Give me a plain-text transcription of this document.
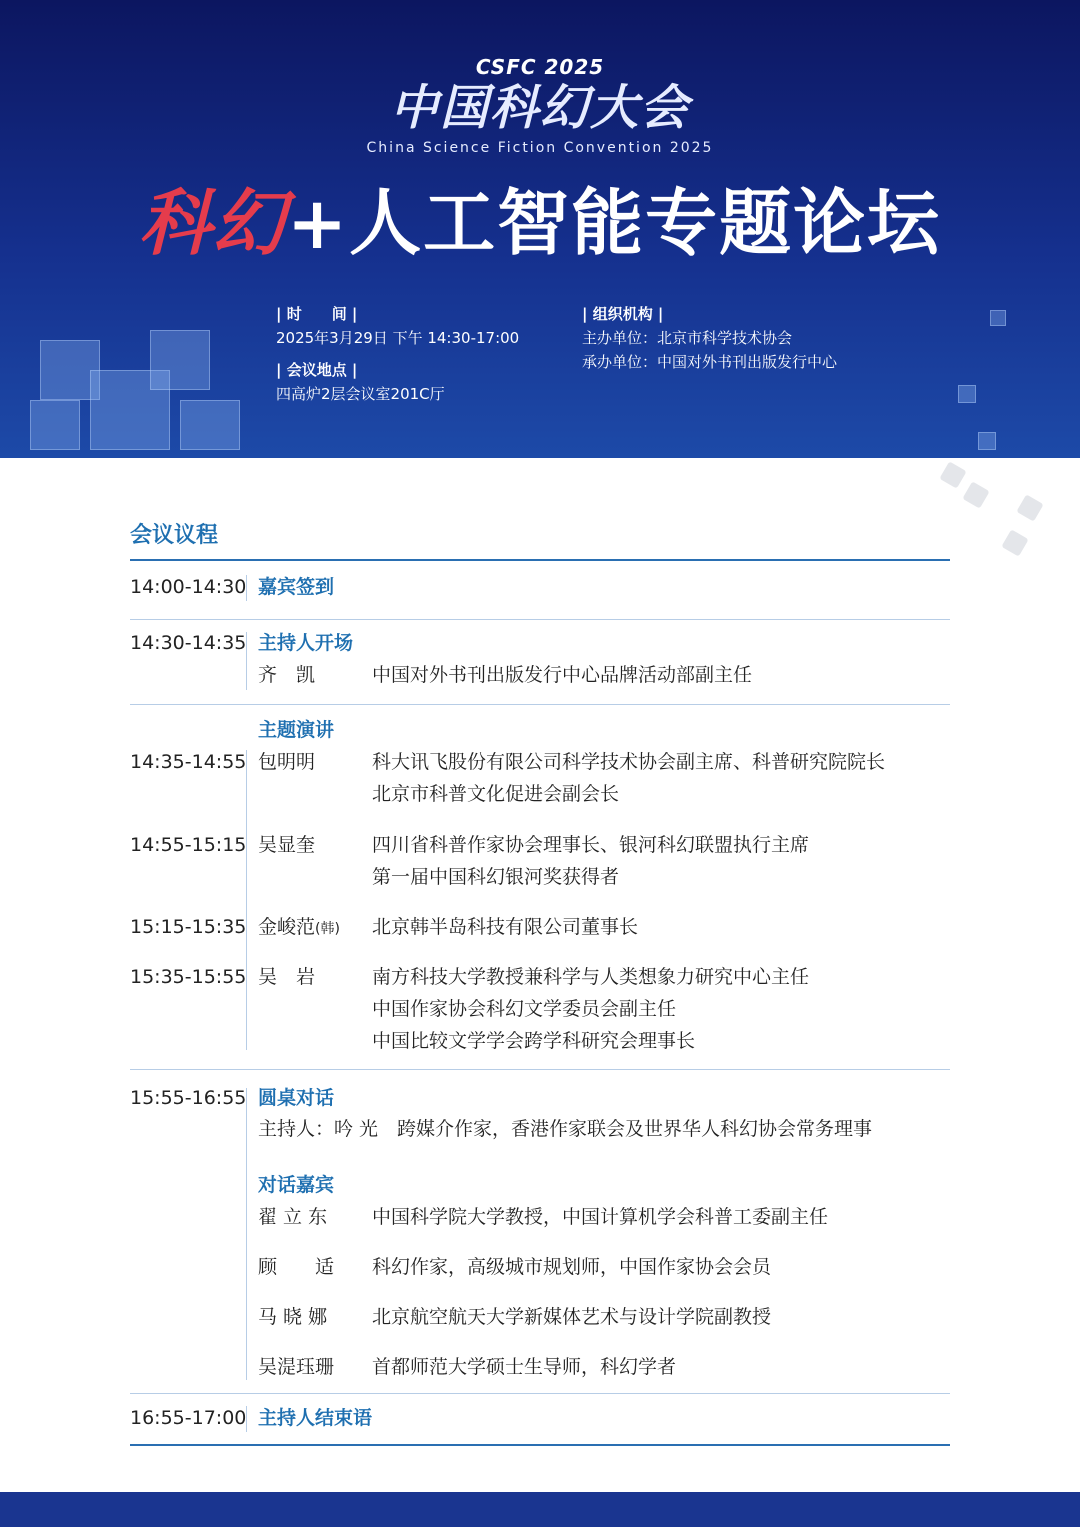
CSFC 2025
中国科幻大会
China Science Fiction Convention 2025
科幻+人工智能专题论坛
| 时　　间 |
2025年3月29日 下午 14:30-17:00
| 会议地点 |
四高炉2层会议室201C厅
| 组织机构 |
主办单位：北京市科学技术协会
承办单位：中国对外书刊出版发行中心
会议议程
14:00-14:30 嘉宾签到
14:30-14:35 主持人开场
齐　凯	中国对外书刊出版发行中心品牌活动部副主任
主题演讲
14:35-14:55 包明明	科大讯飞股份有限公司科学技术协会副主席、科普研究院院长
北京市科普文化促进会副会长
14:55-15:15 吴显奎	四川省科普作家协会理事长、银河科幻联盟执行主席
第一届中国科幻银河奖获得者
15:15-15:35 金峻范(韩) 北京韩半岛科技有限公司董事长
15:35-15:55 吴　岩	南方科技大学教授兼科学与人类想象力研究中心主任
中国作家协会科幻文学委员会副主任
中国比较文学学会跨学科研究会理事长
15:55-16:55 圆桌对话
主持人：吟 光　跨媒介作家，香港作家联会及世界华人科幻协会常务理事
对话嘉宾
翟 立 东 中国科学院大学教授，中国计算机学会科普工委副主任
顾　　适 科幻作家，高级城市规划师，中国作家协会会员
马 晓 娜 北京航空航天大学新媒体艺术与设计学院副教授
吴湜珏珊 首都师范大学硕士生导师，科幻学者
16:55-17:00 主持人结束语
